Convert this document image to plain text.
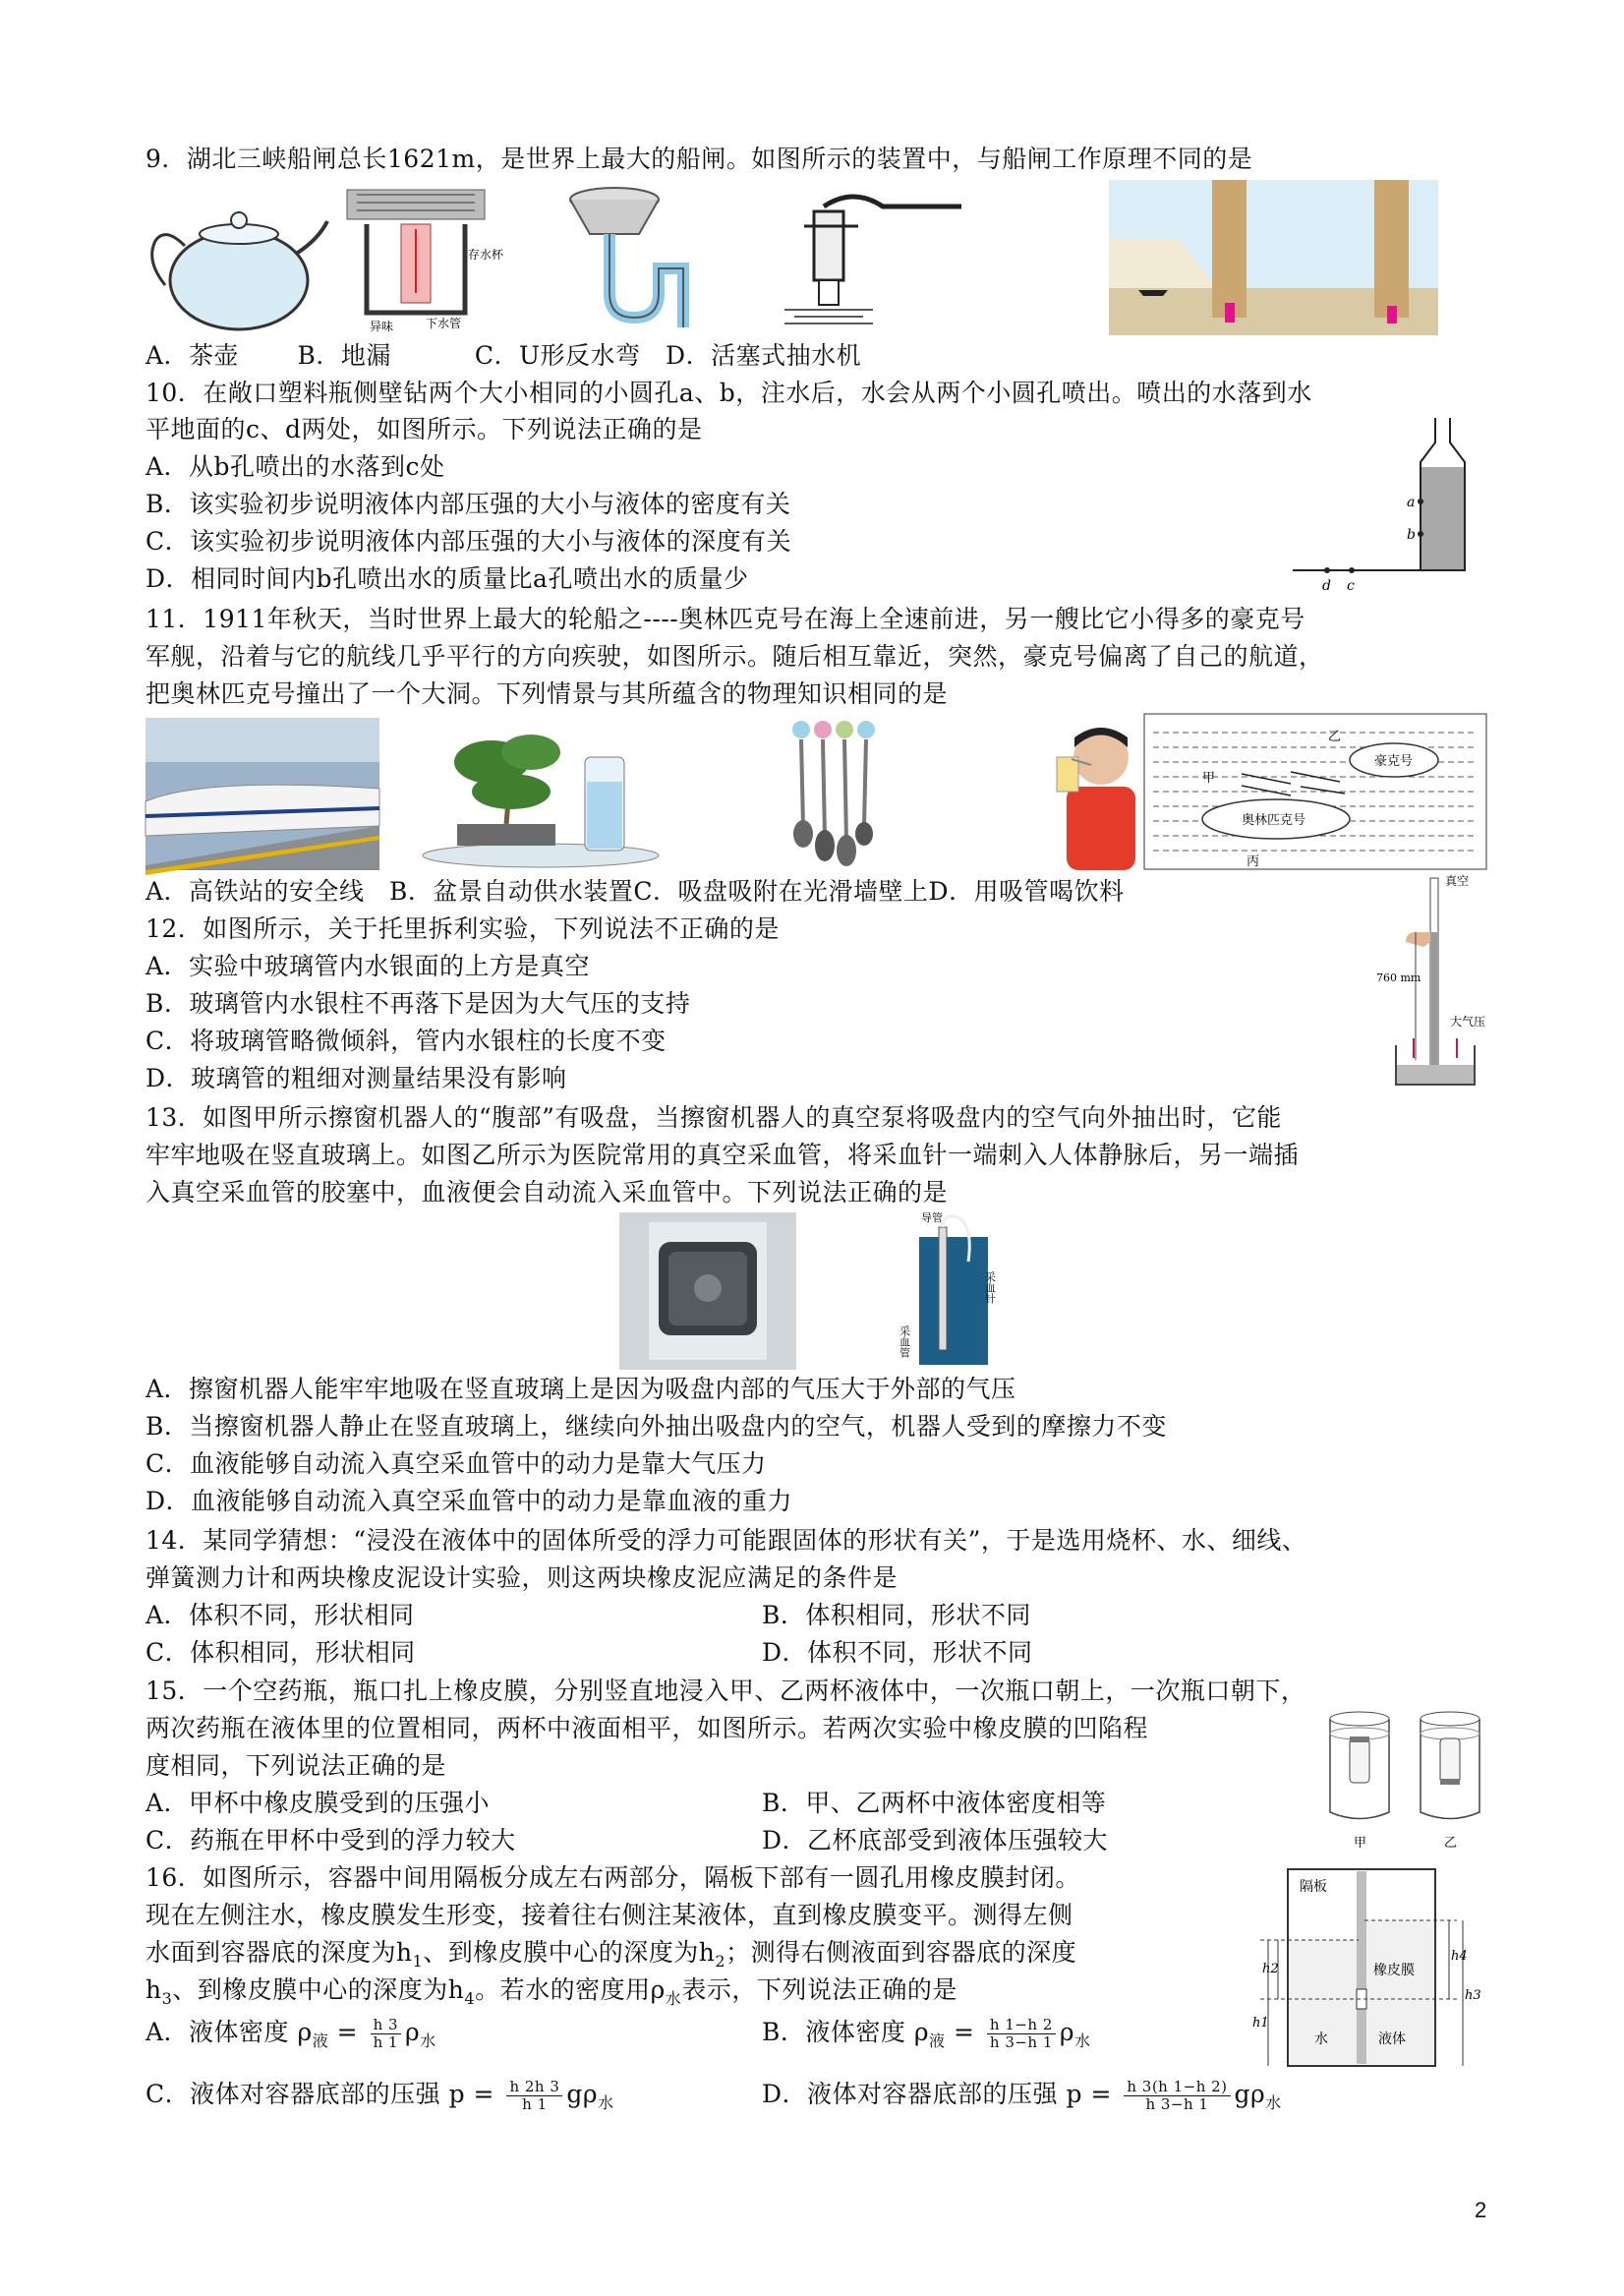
9．湖北三峡船闸总长1621m，是世界上最大的船闸。如图所示的装置中，与船闸工作原理不同的是
存水杯
下水管
异味
A．茶壶　　 B．地漏　　　 C．U形反水弯　D．活塞式抽水机
10．在敞口塑料瓶侧壁钻两个大小相同的小圆孔a、b，注水后，水会从两个小圆孔喷出。喷出的水落到水
平地面的c、d两处，如图所示。下列说法正确的是
A．从b孔喷出的水落到c处
B．该实验初步说明液体内部压强的大小与液体的密度有关
C．该实验初步说明液体内部压强的大小与液体的深度有关
D．相同时间内b孔喷出水的质量比a孔喷出水的质量少
a
b
d c
11．1911年秋天，当时世界上最大的轮船之----奥林匹克号在海上全速前进，另一艘比它小得多的豪克号
军舰，沿着与它的航线几乎平行的方向疾驶，如图所示。随后相互靠近，突然，豪克号偏离了自己的航道，
把奥林匹克号撞出了一个大洞。下列情景与其所蕴含的物理知识相同的是
乙
甲
丙
豪克号
奥林匹克号
A．高铁站的安全线　B．盆景自动供水装置C．吸盘吸附在光滑墙壁上D．用吸管喝饮料
12．如图所示，关于托里拆利实验，下列说法不正确的是
A．实验中玻璃管内水银面的上方是真空
B．玻璃管内水银柱不再落下是因为大气压的支持
C．将玻璃管略微倾斜，管内水银柱的长度不变
D．玻璃管的粗细对测量结果没有影响
真空
760 mm
大气压
13．如图甲所示擦窗机器人的“腹部”有吸盘，当擦窗机器人的真空泵将吸盘内的空气向外抽出时，它能
牢牢地吸在竖直玻璃上。如图乙所示为医院常用的真空采血管，将采血针一端刺入人体静脉后，另一端插
入真空采血管的胶塞中，血液便会自动流入采血管中。下列说法正确的是
导管
采血针
采血管
A．擦窗机器人能牢牢地吸在竖直玻璃上是因为吸盘内部的气压大于外部的气压
B．当擦窗机器人静止在竖直玻璃上，继续向外抽出吸盘内的空气，机器人受到的摩擦力不变
C．血液能够自动流入真空采血管中的动力是靠大气压力
D．血液能够自动流入真空采血管中的动力是靠血液的重力
14．某同学猜想：“浸没在液体中的固体所受的浮力可能跟固体的形状有关”，于是选用烧杯、水、细线、
弹簧测力计和两块橡皮泥设计实验，则这两块橡皮泥应满足的条件是
A．体积不同，形状相同	B．体积相同，形状不同
C．体积相同，形状相同	D．体积不同，形状不同
15．一个空药瓶，瓶口扎上橡皮膜，分别竖直地浸入甲、乙两杯液体中，一次瓶口朝上，一次瓶口朝下，
两次药瓶在液体里的位置相同，两杯中液面相平，如图所示。若两次实验中橡皮膜的凹陷程
度相同，下列说法正确的是
A．甲杯中橡皮膜受到的压强小	B．甲、乙两杯中液体密度相等
C．药瓶在甲杯中受到的浮力较大	D．乙杯底部受到液体压强较大	甲	乙
16．如图所示，容器中间用隔板分成左右两部分，隔板下部有一圆孔用橡皮膜封闭。
现在左侧注水，橡皮膜发生形变，接着往右侧注某液体，直到橡皮膜变平。测得左侧
水面到容器底的深度为$h_1$、到橡皮膜中心的深度为$h_2$；测得右侧液面到容器底的深度
$h_3$、到橡皮膜中心的深度为$h_4$。若水的密度用$\rho_水$表示，下列说法正确的是
A．液体密度 $\rho_液 = \frac{h 3}{h 1} \rho_水$	B．液体密度 $\rho_液 = \frac{h 1-h 2}{h 3-h 1} \rho_水$
C．液体对容器底部的压强 $p = \frac{h 2h 3}{h 1} g\rho_水$	D．液体对容器底部的压强 $p = \frac{h 3(h 1-h 2)}{h 3-h 1} g\rho_水$
隔板
橡皮膜
水	液体
h1
h2
h3
h4
2
